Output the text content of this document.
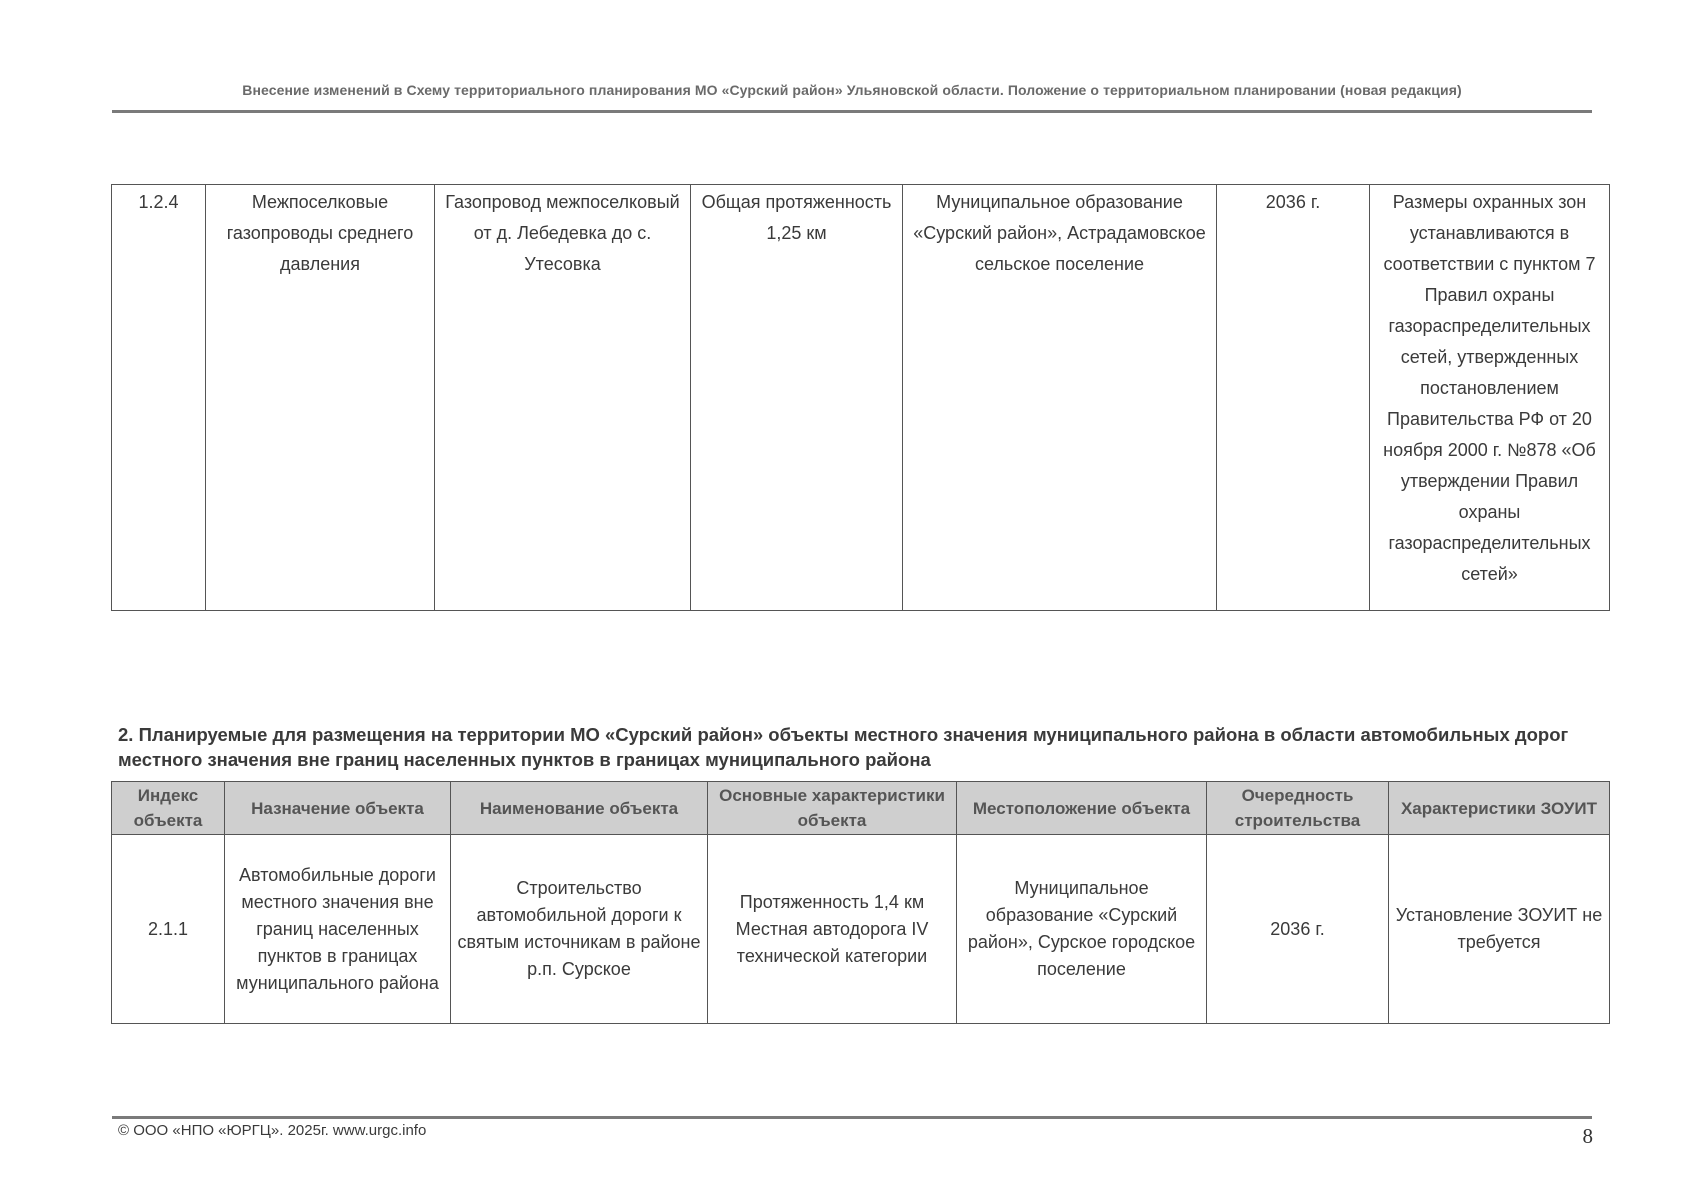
Внесение изменений в Схему территориального планирования МО «Сурский район» Ульяновской области. Положение о территориальном планировании (новая редакция)
1.2.4	Межпоселковые газопроводы среднего давления	Газопровод межпоселковый от д. Лебедевка до с. Утесовка	Общая протяженность 1,25 км	Муниципальное образование «Сурский район», Астрадамовское сельское поселение	2036 г.	Размеры охранных зон устанавливаются в соответствии с пунктом 7 Правил охраны газораспределительных сетей, утвержденных постановлением Правительства РФ от 20 ноября 2000 г. №878 «Об утверждении Правил охраны газораспределительных сетей»
2. Планируемые для размещения на территории МО «Сурский район» объекты местного значения муниципального района в области автомобильных дорог местного значения вне границ населенных пунктов в границах муниципального района
Индекс объекта	Назначение объекта	Наименование объекта	Основные характеристики объекта	Местоположение объекта	Очередность строительства	Характеристики ЗОУИТ
2.1.1	Автомобильные дороги местного значения вне границ населенных пунктов в границах муниципального района	Строительство автомобильной дороги к святым источникам в районе р.п. Сурское	Протяженность 1,4 км Местная автодорога IV технической категории	Муниципальное образование «Сурский район», Сурское городское поселение	2036 г.	Установление ЗОУИТ не требуется
© ООО «НПО «ЮРГЦ». 2025г. www.urgc.info	8
